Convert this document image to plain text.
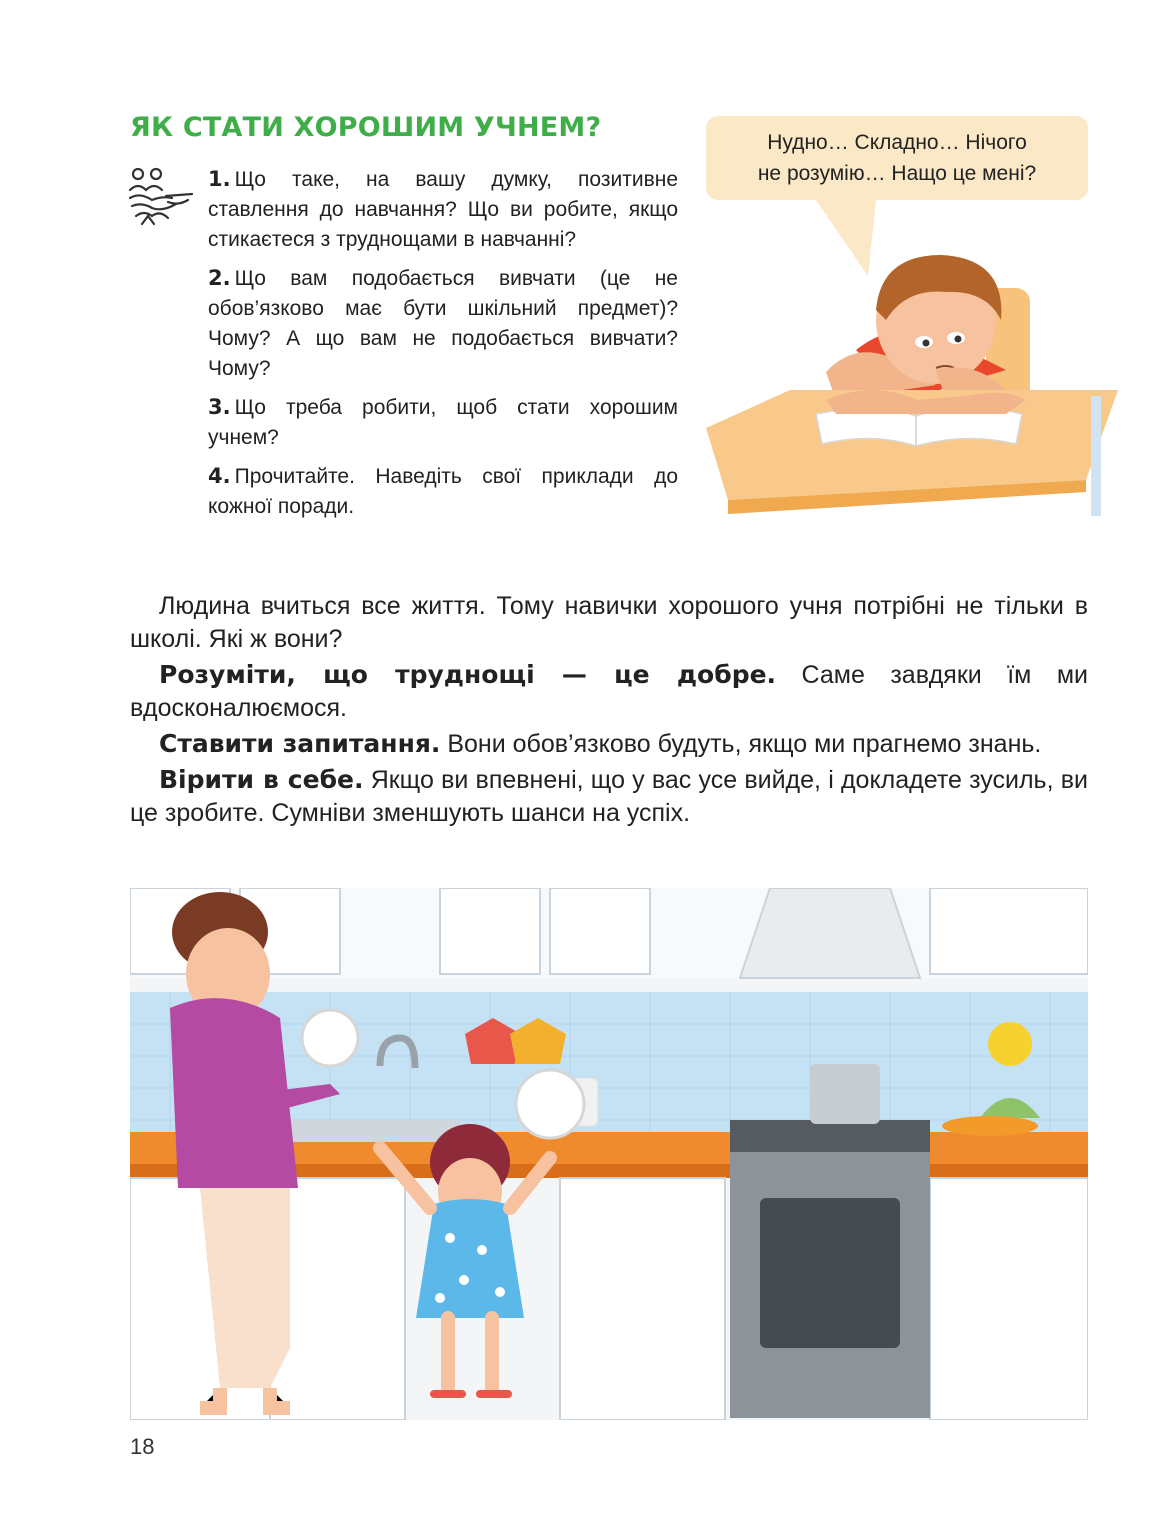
ЯК СТАТИ ХОРОШИМ УЧНЕМ?

1. Що таке, на вашу думку, позитивне ставлення до навчання? Що ви робите, якщо стикаєтеся з труднощами в навчанні?

2. Що вам подобається вивчати (це не обов’язково має бути шкільний предмет)? Чому? А що вам не подобається вивчати? Чому?

3. Що треба робити, щоб стати хорошим учнем?

4. Прочитайте. Наведіть свої приклади до кожної поради.

Нудно… Складно… Нічого
не розумію… Нащо це мені?

Людина вчиться все життя. Тому навички хорошого учня потрібні не тільки в школі. Які ж вони?

Розуміти, що труднощі — це добре. Саме завдяки їм ми вдосконалюємося.

Ставити запитання. Вони обов’язково будуть, якщо ми прагнемо знань.

Вірити в себе. Якщо ви впевнені, що у вас усе вийде, і докладете зусиль, ви це зробите. Сумніви зменшують шанси на успіх.

18
